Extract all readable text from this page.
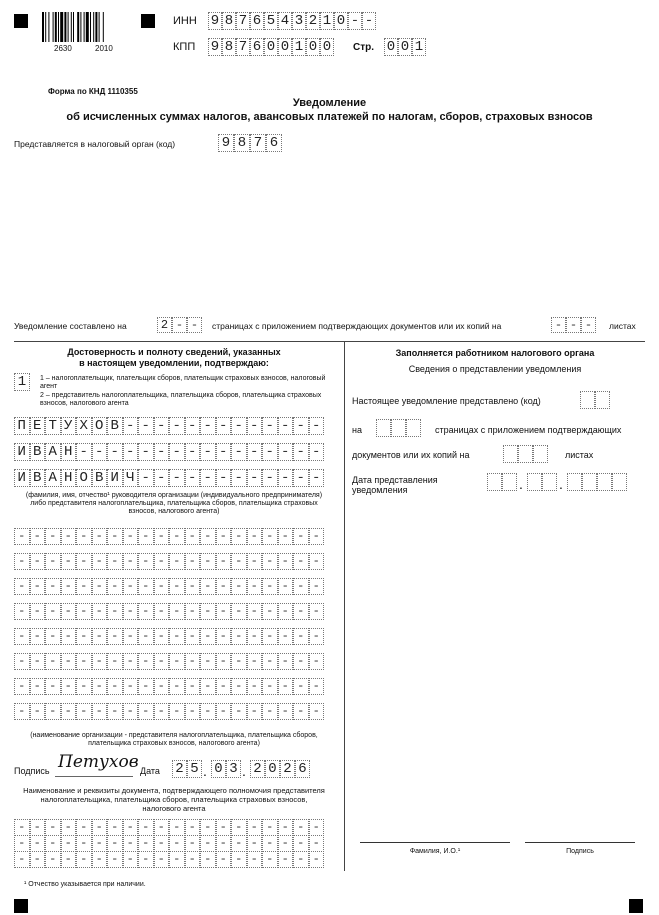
2630	2010
ИНН 9 8 7 6 5 4 3 2 1 0 - -
КПП 9 8 7 6 0 0 1 0 0 Стр. 0 0 1
Форма по КНД 1110355
Уведомление
об исчисленных суммах налогов, авансовых платежей по налогам, сборов, страховых взносов
Представляется в налоговый орган (код)	9 8 7 6
Уведомление составлено на	2 - -	страницах с приложением подтверждающих документов или их копий на	- - -	листах
Достоверность и полноту сведений, указанных
в настоящем уведомлении, подтверждаю:
1	1 – налогоплательщик, плательщик сборов, плательщик страховых взносов, налоговый агент
2 – представитель налогоплательщика, плательщика сборов, плательщика страховых взносов, налогового агента
П Е Т У Х О В - - - - - - - - - - - - -
И В А Н - - - - - - - - - - - - - - - -
И В А Н О В И Ч - - - - - - - - - - - -
(фамилия, имя, отчество¹ руководителя организации (индивидуального предпринимателя) либо представителя налогоплательщика, плательщика сборов, плательщика страховых взносов, налогового агента)
- - - - - - - - - - - - - - - - - - - -
- - - - - - - - - - - - - - - - - - - -
- - - - - - - - - - - - - - - - - - - -
- - - - - - - - - - - - - - - - - - - -
- - - - - - - - - - - - - - - - - - - -
- - - - - - - - - - - - - - - - - - - -
- - - - - - - - - - - - - - - - - - - -
- - - - - - - - - - - - - - - - - - - -
(наименование организации - представителя налогоплательщика, плательщика сборов, плательщика страховых взносов, налогового агента)
Подпись Петухов Дата 2 5 . 0 3 . 2 0 2 6
Наименование и реквизиты документа, подтверждающего полномочия представителя налогоплательщика, плательщика сборов, плательщика страховых взносов, налогового агента
- - - - - - - - - - - - - - - - - - - -
- - - - - - - - - - - - - - - - - - - -
- - - - - - - - - - - - - - - - - - - -
¹ Отчество указывается при наличии.
Заполняется работником налогового органа
Сведения о представлении уведомления
Настоящее уведомление представлено (код)
на	страницах с приложением подтверждающих
документов или их копий на	листах
Дата представления
уведомления	.	.
Фамилия, И.О.¹	Подпись
